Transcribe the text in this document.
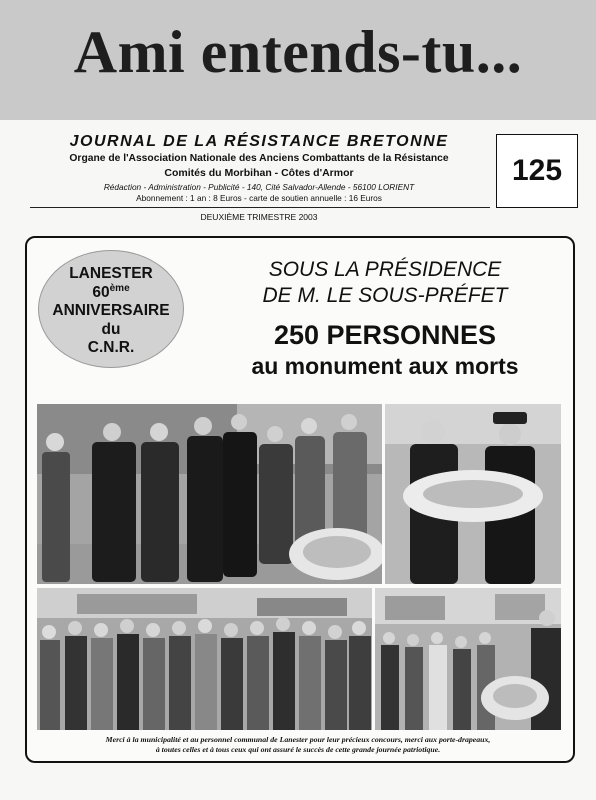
Ami entends-tu...
JOURNAL DE LA RÉSISTANCE BRETONNE
Organe de l'Association Nationale des Anciens Combattants de la Résistance
Comités du Morbihan - Côtes d'Armor
Rédaction - Administration - Publicité - 140, Cité Salvador-Allende - 56100 LORIENT
Abonnement : 1 an : 8 Euros - carte de soutien annuelle : 16 Euros
125
DEUXIÈME TRIMESTRE 2003
LANESTER
60ème
ANNIVERSAIRE
du
C.N.R.
SOUS LA PRÉSIDENCE
DE M. LE SOUS-PRÉFET
250 PERSONNES
au monument aux morts
Merci à la municipalité et au personnel communal de Lanester pour leur précieux concours, merci aux porte-drapeaux,
à toutes celles et à tous ceux qui ont assuré le succès de cette grande journée patriotique.
